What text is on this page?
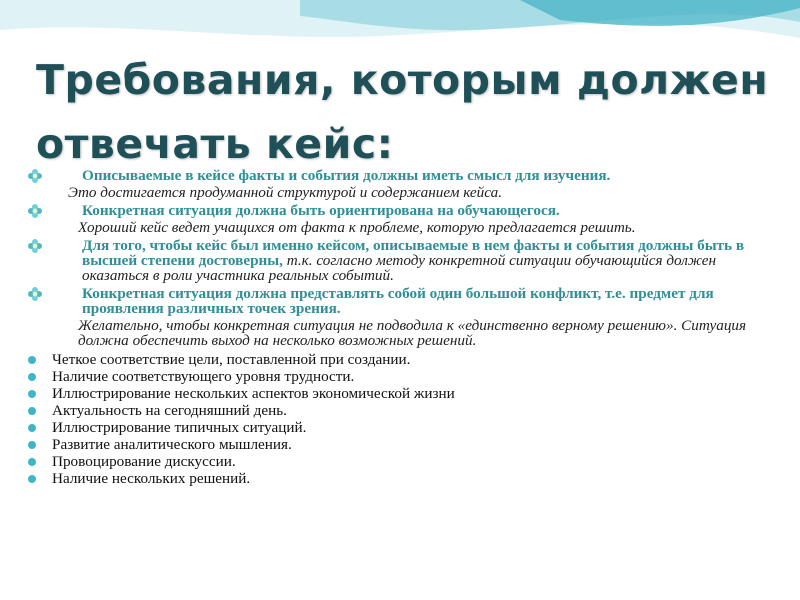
Требования, которым должен отвечать кейс:
Описываемые в кейсе факты и события должны иметь смысл для изучения.
Это достигается продуманной структурой и содержанием кейса.
Конкретная ситуация должна быть ориентирована на обучающегося.
Хороший кейс ведет учащихся от факта к проблеме, которую предлагается решить.
Для того, чтобы кейс был именно кейсом, описываемые в нем факты и события должны быть в высшей степени достоверны, т.к. согласно методу конкретной ситуации обучающийся должен оказаться в роли участника реальных событий.
Конкретная ситуация должна представлять собой один большой конфликт, т.е. предмет для проявления различных точек зрения.
Желательно, чтобы конкретная ситуация не подводила к «единственно верному решению». Ситуация должна обеспечить выход на несколько возможных решений.
Четкое соответствие цели, поставленной при создании.
Наличие соответствующего уровня трудности.
Иллюстрирование нескольких аспектов экономической жизни
Актуальность на сегодняшний день.
Иллюстрирование типичных ситуаций.
Развитие аналитического мышления.
Провоцирование дискуссии.
Наличие нескольких решений.
